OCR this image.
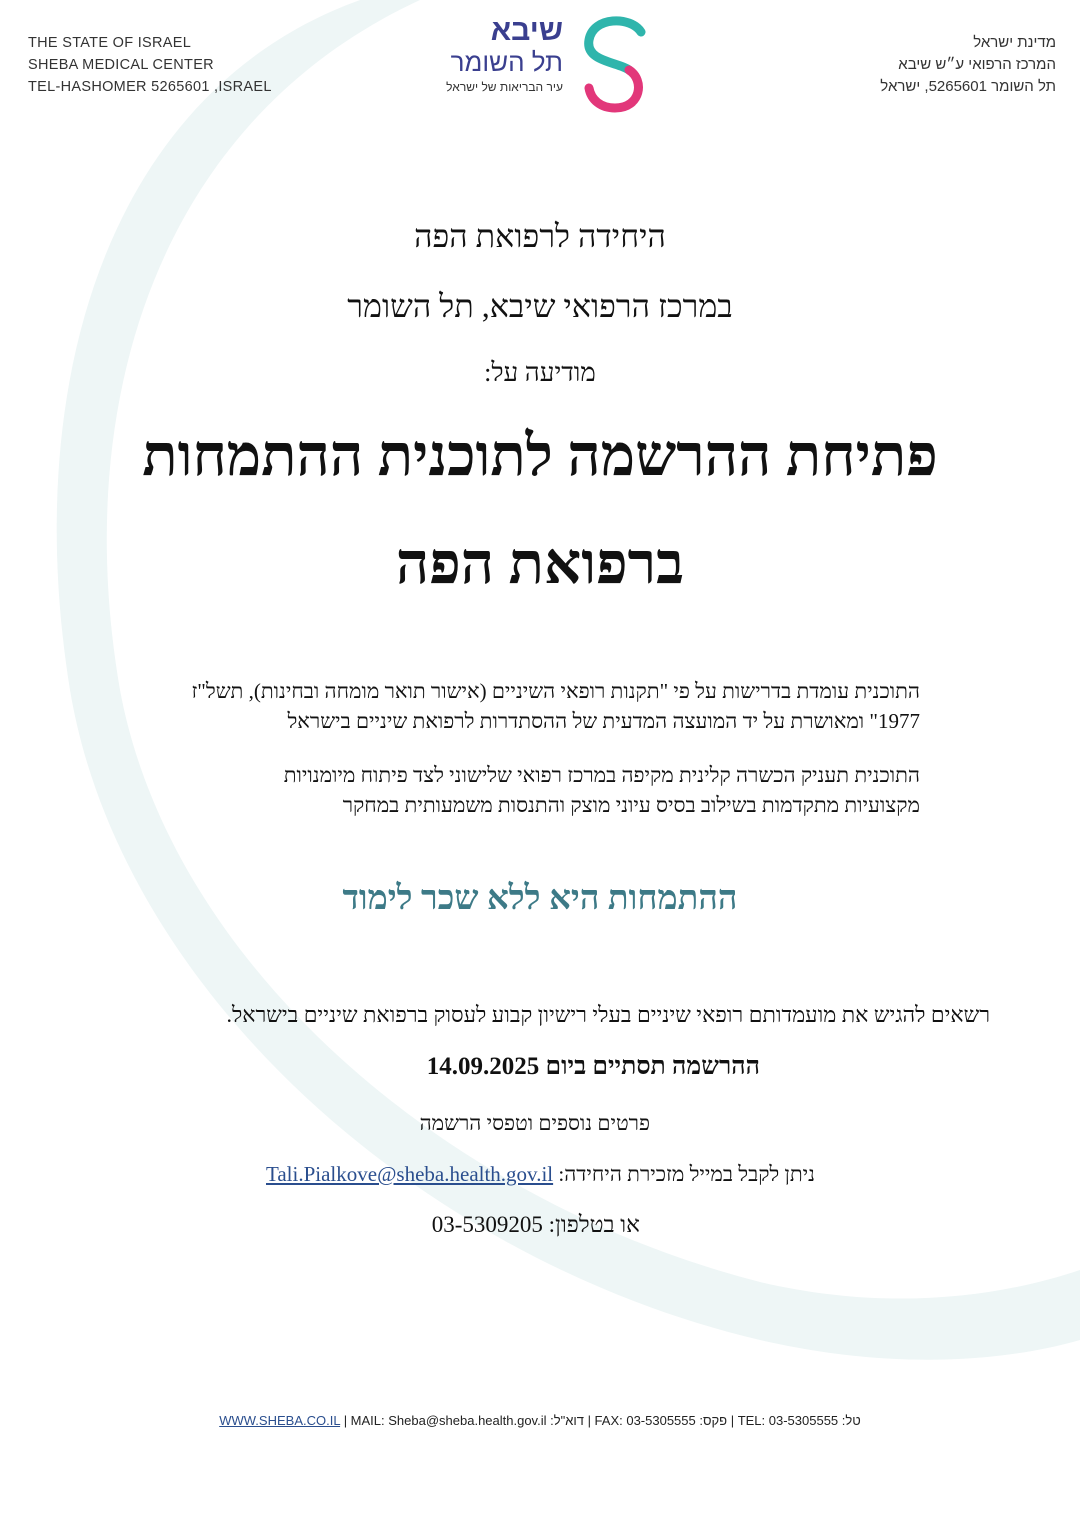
THE STATE OF ISRAEL
SHEBA MEDICAL CENTER
TEL-HASHOMER 5265601 ,ISRAEL
שיבא
תל השומר
עיר הבריאות של ישראל
מדינת ישראל
המרכז הרפואי ע״ש שיבא
תל השומר 5265601, ישראל
היחידה לרפואת הפה
במרכז הרפואי שיבא, תל השומר
מודיעה על:
פתיחת ההרשמה לתוכנית ההתמחות
ברפואת הפה
התוכנית עומדת בדרישות על פי "תקנות רופאי השיניים (אישור תואר מומחה ובחינות), תשל"ז 1977" ומאושרת על יד המועצה המדעית של ההסתדרות לרפואת שיניים בישראל
התוכנית תעניק הכשרה קלינית מקיפה במרכז רפואי שלישוני לצד פיתוח מיומנויות מקצועיות מתקדמות בשילוב בסיס עיוני מוצק והתנסות משמעותית במחקר
ההתמחות היא ללא שכר לימוד
רשאים להגיש את מועמדותם רופאי שיניים בעלי רישיון קבוע לעסוק ברפואת שיניים בישראל.
ההרשמה תסתיים ביום 14.09.2025
פרטים נוספים וטפסי הרשמה
ניתן לקבל במייל מזכירת היחידה: Tali.Pialkove@sheba.health.gov.il
או בטלפון: 03-5309205
WWW.SHEBA.CO.IL | MAIL: Sheba@sheba.health.gov.il :דוא"ל | FAX: 03-5305555 :פקס | TEL: 03-5305555 :טל
